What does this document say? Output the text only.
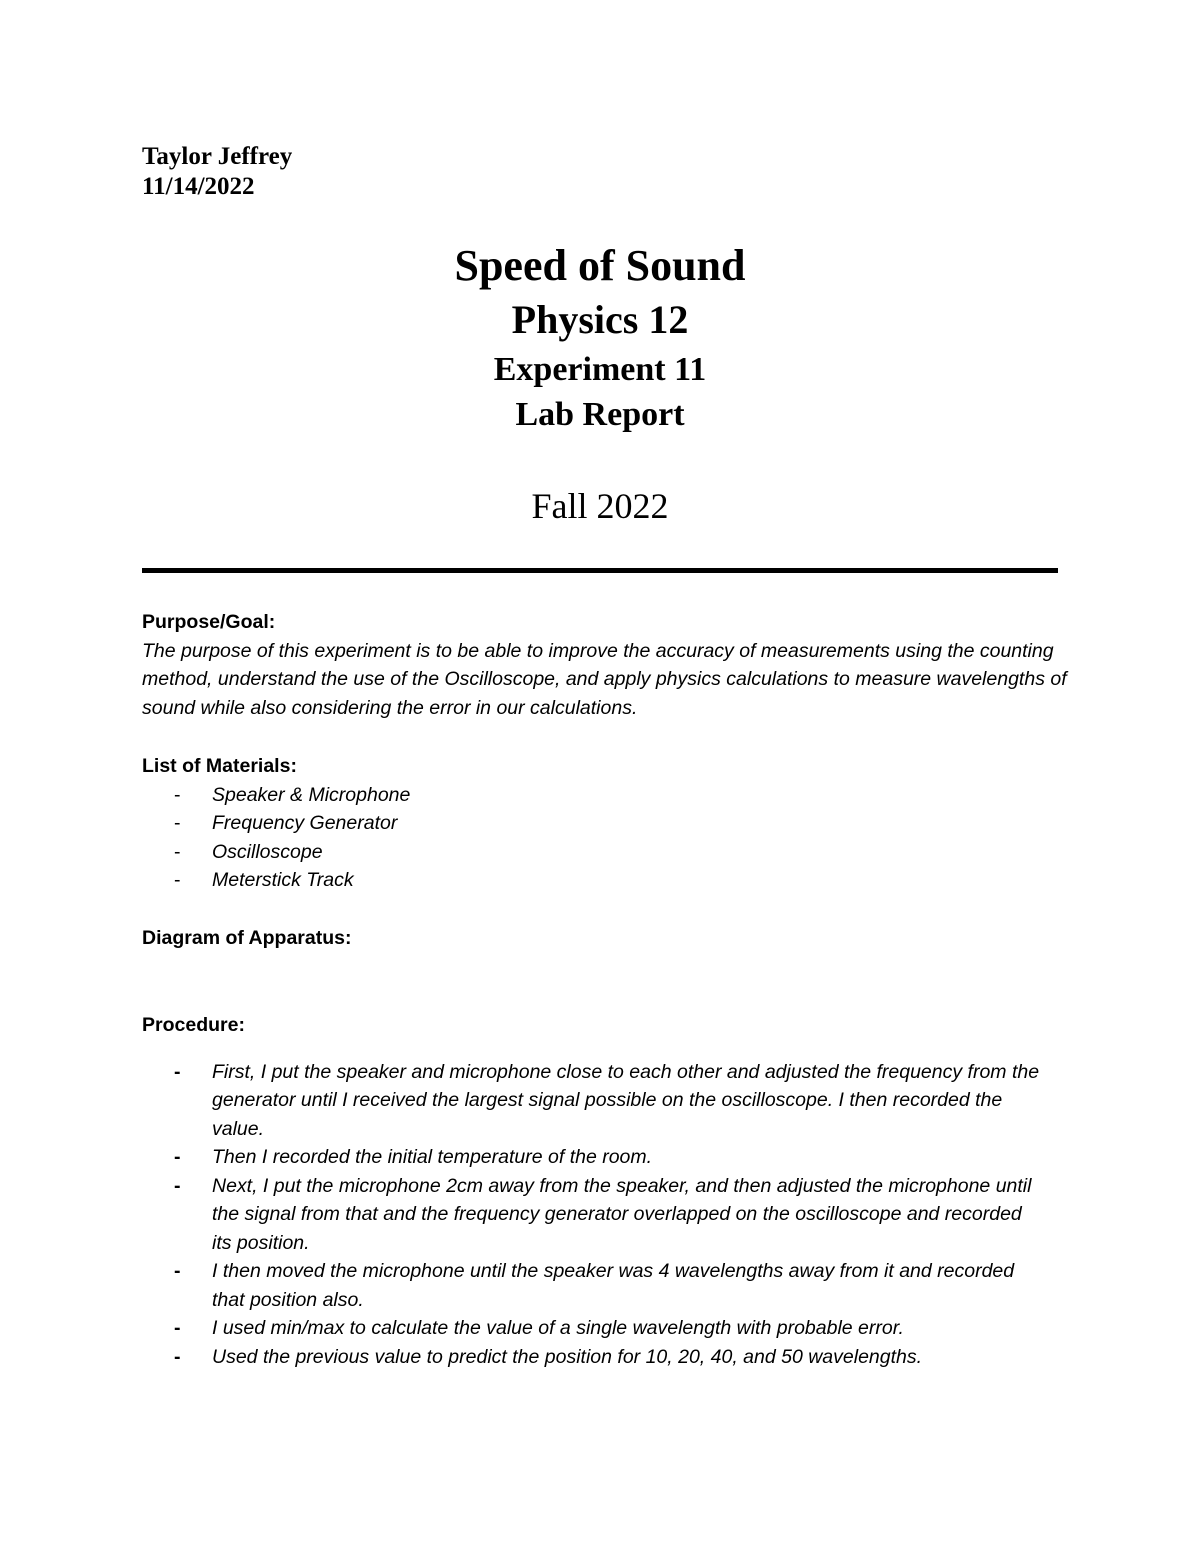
Taylor Jeffrey
11/14/2022
Speed of Sound
Physics 12
Experiment 11
Lab Report
Fall 2022
Purpose/Goal:
The purpose of this experiment is to be able to improve the accuracy of measurements using the counting method, understand the use of the Oscilloscope, and apply physics calculations to measure wavelengths of sound while also considering the error in our calculations.
List of Materials:
- Speaker & Microphone
- Frequency Generator
- Oscilloscope
- Meterstick Track
Diagram of Apparatus:
Procedure:
- First, I put the speaker and microphone close to each other and adjusted the frequency from the generator until I received the largest signal possible on the oscilloscope. I then recorded the value.
- Then I recorded the initial temperature of the room.
- Next, I put the microphone 2cm away from the speaker, and then adjusted the microphone until the signal from that and the frequency generator overlapped on the oscilloscope and recorded its position.
- I then moved the microphone until the speaker was 4 wavelengths away from it and recorded that position also.
- I used min/max to calculate the value of a single wavelength with probable error.
- Used the previous value to predict the position for 10, 20, 40, and 50 wavelengths.
